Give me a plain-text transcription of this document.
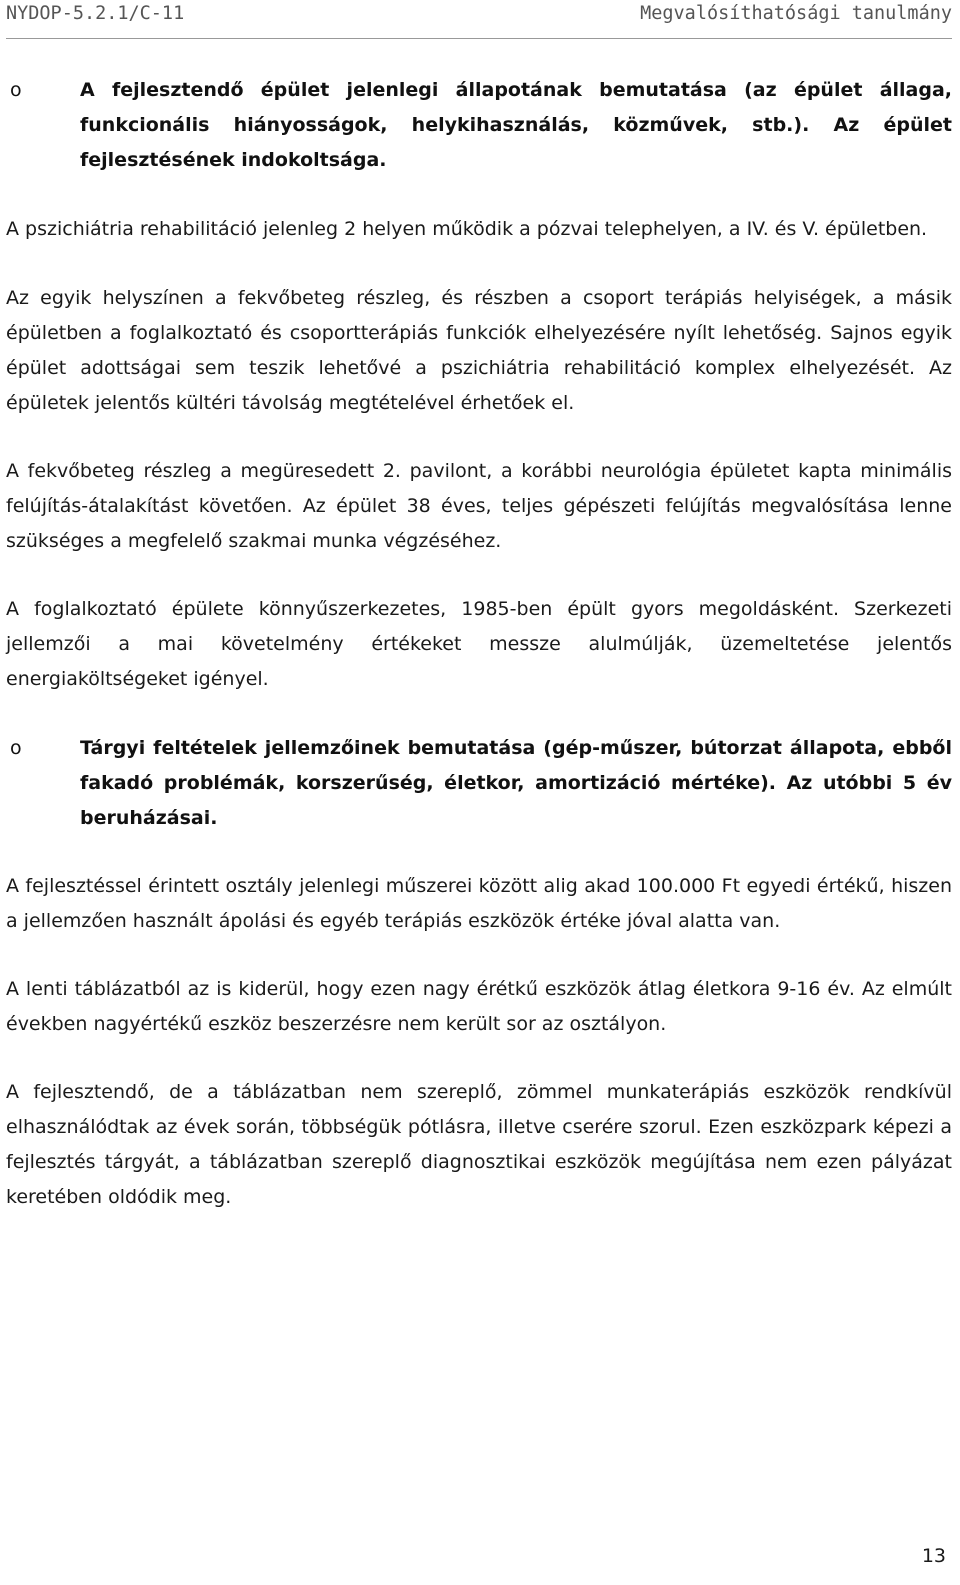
NYDOP-5.2.1/C-11	Megvalósíthatósági tanulmány
o	A fejlesztendő épület jelenlegi állapotának bemutatása (az épület állaga, funkcionális hiányosságok, helykihasználás, közművek, stb.). Az épület fejlesztésének indokoltsága.

A pszichiátria rehabilitáció jelenleg 2 helyen működik a pózvai telephelyen, a IV. és V. épületben.

Az egyik helyszínen a fekvőbeteg részleg, és részben a csoport terápiás helyiségek, a másik épületben a foglalkoztató és csoportterápiás funkciók elhelyezésére nyílt lehetőség. Sajnos egyik épület adottságai sem teszik lehetővé a pszichiátria rehabilitáció komplex elhelyezését. Az épületek jelentős kültéri távolság megtételével érhetőek el.

A fekvőbeteg részleg a megüresedett 2. pavilont, a korábbi neurológia épületet kapta minimális felújítás-átalakítást követően. Az épület 38 éves, teljes gépészeti felújítás megvalósítása lenne szükséges a megfelelő szakmai munka végzéséhez.

A foglalkoztató épülete könnyűszerkezetes, 1985-ben épült gyors megoldásként. Szerkezeti jellemzői a mai követelmény értékeket messze alulmúlják, üzemeltetése jelentős energiaköltségeket igényel.

o	Tárgyi feltételek jellemzőinek bemutatása (gép-műszer, bútorzat állapota, ebből fakadó problémák, korszerűség, életkor, amortizáció mértéke). Az utóbbi 5 év beruházásai.

A fejlesztéssel érintett osztály jelenlegi műszerei között alig akad 100.000 Ft egyedi értékű, hiszen a jellemzően használt ápolási és egyéb terápiás eszközök értéke jóval alatta van.

A lenti táblázatból az is kiderül, hogy ezen nagy érétkű eszközök átlag életkora 9-16 év. Az elmúlt években nagyértékű eszköz beszerzésre nem került sor az osztályon.

A fejlesztendő, de a táblázatban nem szereplő, zömmel munkaterápiás eszközök rendkívül elhasználódtak az évek során, többségük pótlásra, illetve cserére szorul. Ezen eszközpark képezi a fejlesztés tárgyát, a táblázatban szereplő diagnosztikai eszközök megújítása nem ezen pályázat keretében oldódik meg.

13
